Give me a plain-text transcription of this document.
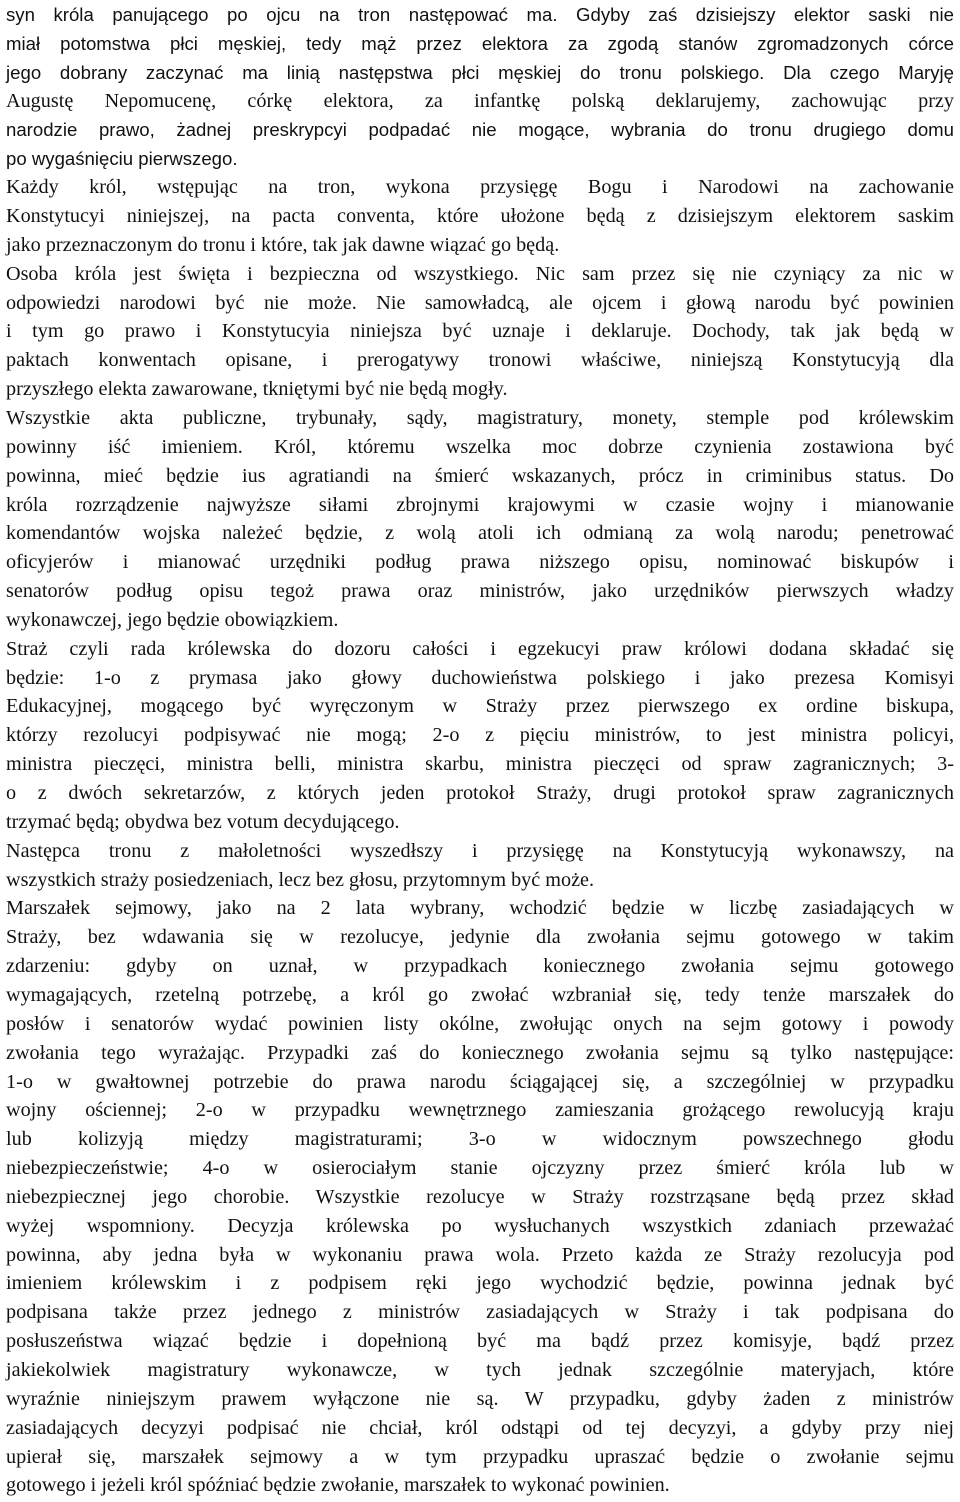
syn króla panującego po ojcu na tron następować ma. Gdyby zaś dzisiejszy elektor saski nie

miał potomstwa płci męskiej, tedy mąż przez elektora za zgodą stanów zgromadzonych córce

jego dobrany zaczynać ma linią następstwa płci męskiej do tronu polskiego. Dla czego Maryję

Augustę Nepomucenę, córkę elektora, za infantkę polską deklarujemy, zachowując przy

narodzie prawo, żadnej preskrypcyi podpadać nie mogące, wybrania do tronu drugiego domu

po wygaśnięciu pierwszego.

Każdy król, wstępując na tron, wykona przysięgę Bogu i Narodowi na zachowanie

Konstytucyi niniejszej, na pacta conventa, które ułożone będą z dzisiejszym elektorem saskim

jako przeznaczonym do tronu i które, tak jak dawne wiązać go będą.

Osoba króla jest święta i bezpieczna od wszystkiego. Nic sam przez się nie czyniący za nic w

odpowiedzi narodowi być nie może. Nie samowładcą, ale ojcem i głową narodu być powinien

i tym go prawo i Konstytucyia niniejsza być uznaje i deklaruje. Dochody, tak jak będą w

paktach konwentach opisane, i prerogatywy tronowi właściwe, niniejszą Konstytucyją dla

przyszłego elekta zawarowane, tkniętymi być nie będą mogły.

Wszystkie akta publiczne, trybunały, sądy, magistratury, monety, stemple pod królewskim

powinny iść imieniem. Król, któremu wszelka moc dobrze czynienia zostawiona być

powinna, mieć będzie ius agratiandi na śmierć wskazanych, prócz in criminibus status. Do

króla rozrządzenie najwyższe siłami zbrojnymi krajowymi w czasie wojny i mianowanie

komendantów wojska należeć będzie, z wolą atoli ich odmianą za wolą narodu; penetrować

oficyjerów i mianować urzędniki podług prawa niższego opisu, nominować biskupów i

senatorów podług opisu tegoż prawa oraz ministrów, jako urzędników pierwszych władzy

wykonawczej, jego będzie obowiązkiem.

Straż czyli rada królewska do dozoru całości i egzekucyi praw królowi dodana składać się

będzie: 1-o z prymasa jako głowy duchowieństwa polskiego i jako prezesa Komisyi

Edukacyjnej, mogącego być wyręczonym w Straży przez pierwszego ex ordine biskupa,

którzy rezolucyi podpisywać nie mogą; 2-o z pięciu ministrów, to jest ministra policyi,

ministra pieczęci, ministra belli, ministra skarbu, ministra pieczęci od spraw zagranicznych; 3-

o z dwóch sekretarzów, z których jeden protokoł Straży, drugi protokoł spraw zagranicznych

trzymać będą; obydwa bez votum decydującego.

Następca tronu z małoletności wyszedłszy i przysięgę na Konstytucyją wykonawszy, na

wszystkich straży posiedzeniach, lecz bez głosu, przytomnym być może.

Marszałek sejmowy, jako na 2 lata wybrany, wchodzić będzie w liczbę zasiadających w

Straży, bez wdawania się w rezolucye, jedynie dla zwołania sejmu gotowego w takim

zdarzeniu: gdyby on uznał, w przypadkach koniecznego zwołania sejmu gotowego

wymagających, rzetelną potrzebę, a król go zwołać wzbraniał się, tedy tenże marszałek do

posłów i senatorów wydać powinien listy okólne, zwołując onych na sejm gotowy i powody

zwołania tego wyrażając. Przypadki zaś do koniecznego zwołania sejmu są tylko następujące:

1-o w gwałtownej potrzebie do prawa narodu ściągającej się, a szczególniej w przypadku

wojny ościennej; 2-o w przypadku wewnętrznego zamieszania grożącego rewolucyją kraju

lub kolizyją między magistraturami; 3-o w widocznym powszechnego głodu

niebezpieczeństwie; 4-o w osierociałym stanie ojczyzny przez śmierć króla lub w

niebezpiecznej jego chorobie. Wszystkie rezolucye w Straży rozstrząsane będą przez skład

wyżej wspomniony. Decyzja królewska po wysłuchanych wszystkich zdaniach przeważać

powinna, aby jedna była w wykonaniu prawa wola. Przeto każda ze Straży rezolucyja pod

imieniem królewskim i z podpisem ręki jego wychodzić będzie, powinna jednak być

podpisana także przez jednego z ministrów zasiadających w Straży i tak podpisana do

posłuszeństwa wiązać będzie i dopełnioną być ma bądź przez komisyje, bądź przez

jakiekolwiek magistratury wykonawcze, w tych jednak szczególnie materyjach, które

wyraźnie niniejszym prawem wyłączone nie są. W przypadku, gdyby żaden z ministrów

zasiadających decyzyi podpisać nie chciał, król odstąpi od tej decyzyi, a gdyby przy niej

upierał się, marszałek sejmowy a w tym przypadku upraszać będzie o zwołanie sejmu

gotowego i jeżeli król spóźniać będzie zwołanie, marszałek to wykonać powinien.
